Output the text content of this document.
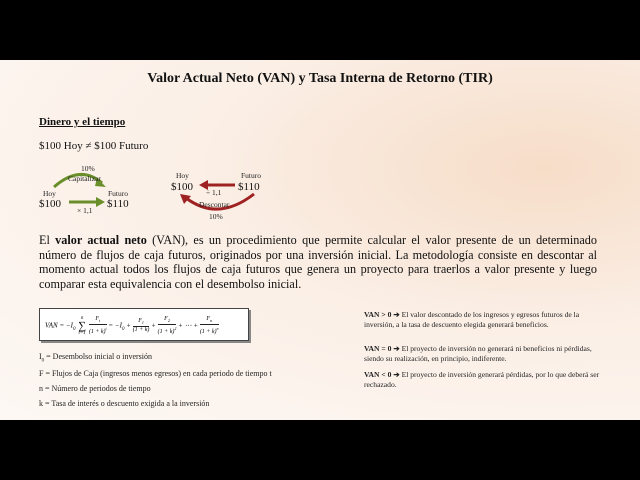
Valor Actual Neto (VAN) y Tasa Interna de Retorno (TIR)
Dinero y el tiempo
$100 Hoy ≠ $100 Futuro
10%
Capitalizar
Hoy	Futuro
$100	$110
× 1,1
Hoy	Futuro
$100	$110
÷ 1,1
Descontar
10%
El valor actual neto (VAN), es un procedimiento que permite calcular el valor presente de un determinado número de flujos de caja futuros, originados por una inversión inicial. La metodología consiste en descontar al momento actual todos los flujos de caja futuros que genera un proyecto para traerlos a valor presente y luego comparar esta equivalencia con el desembolso inicial.
VAN = $-I_0$ n
∑
t=1
$F_t$
$(1 + k)^t = -I_0 + \frac{F_1}{(1 + k)}$ +
$F_2$
$(1 + k)^2$ + ⋯ +
$F_n$
$(1 + k)^n$
$I_0$ = Desembolso inicial o inversión
F = Flujos de Caja (ingresos menos egresos) en cada periodo de tiempo t
n = Número de periodos de tiempo
k = Tasa de interés o descuento exigida a la inversión
VAN > 0 ➔ El valor descontado de los ingresos y egresos futuros de la inversión, a la tasa de descuento elegida generará beneficios.
VAN = 0 ➔ El proyecto de inversión no generará ni beneficios ni pérdidas, siendo su realización, en principio, indiferente.
VAN < 0 ➔ El proyecto de inversión generará pérdidas, por lo que deberá ser rechazado.
